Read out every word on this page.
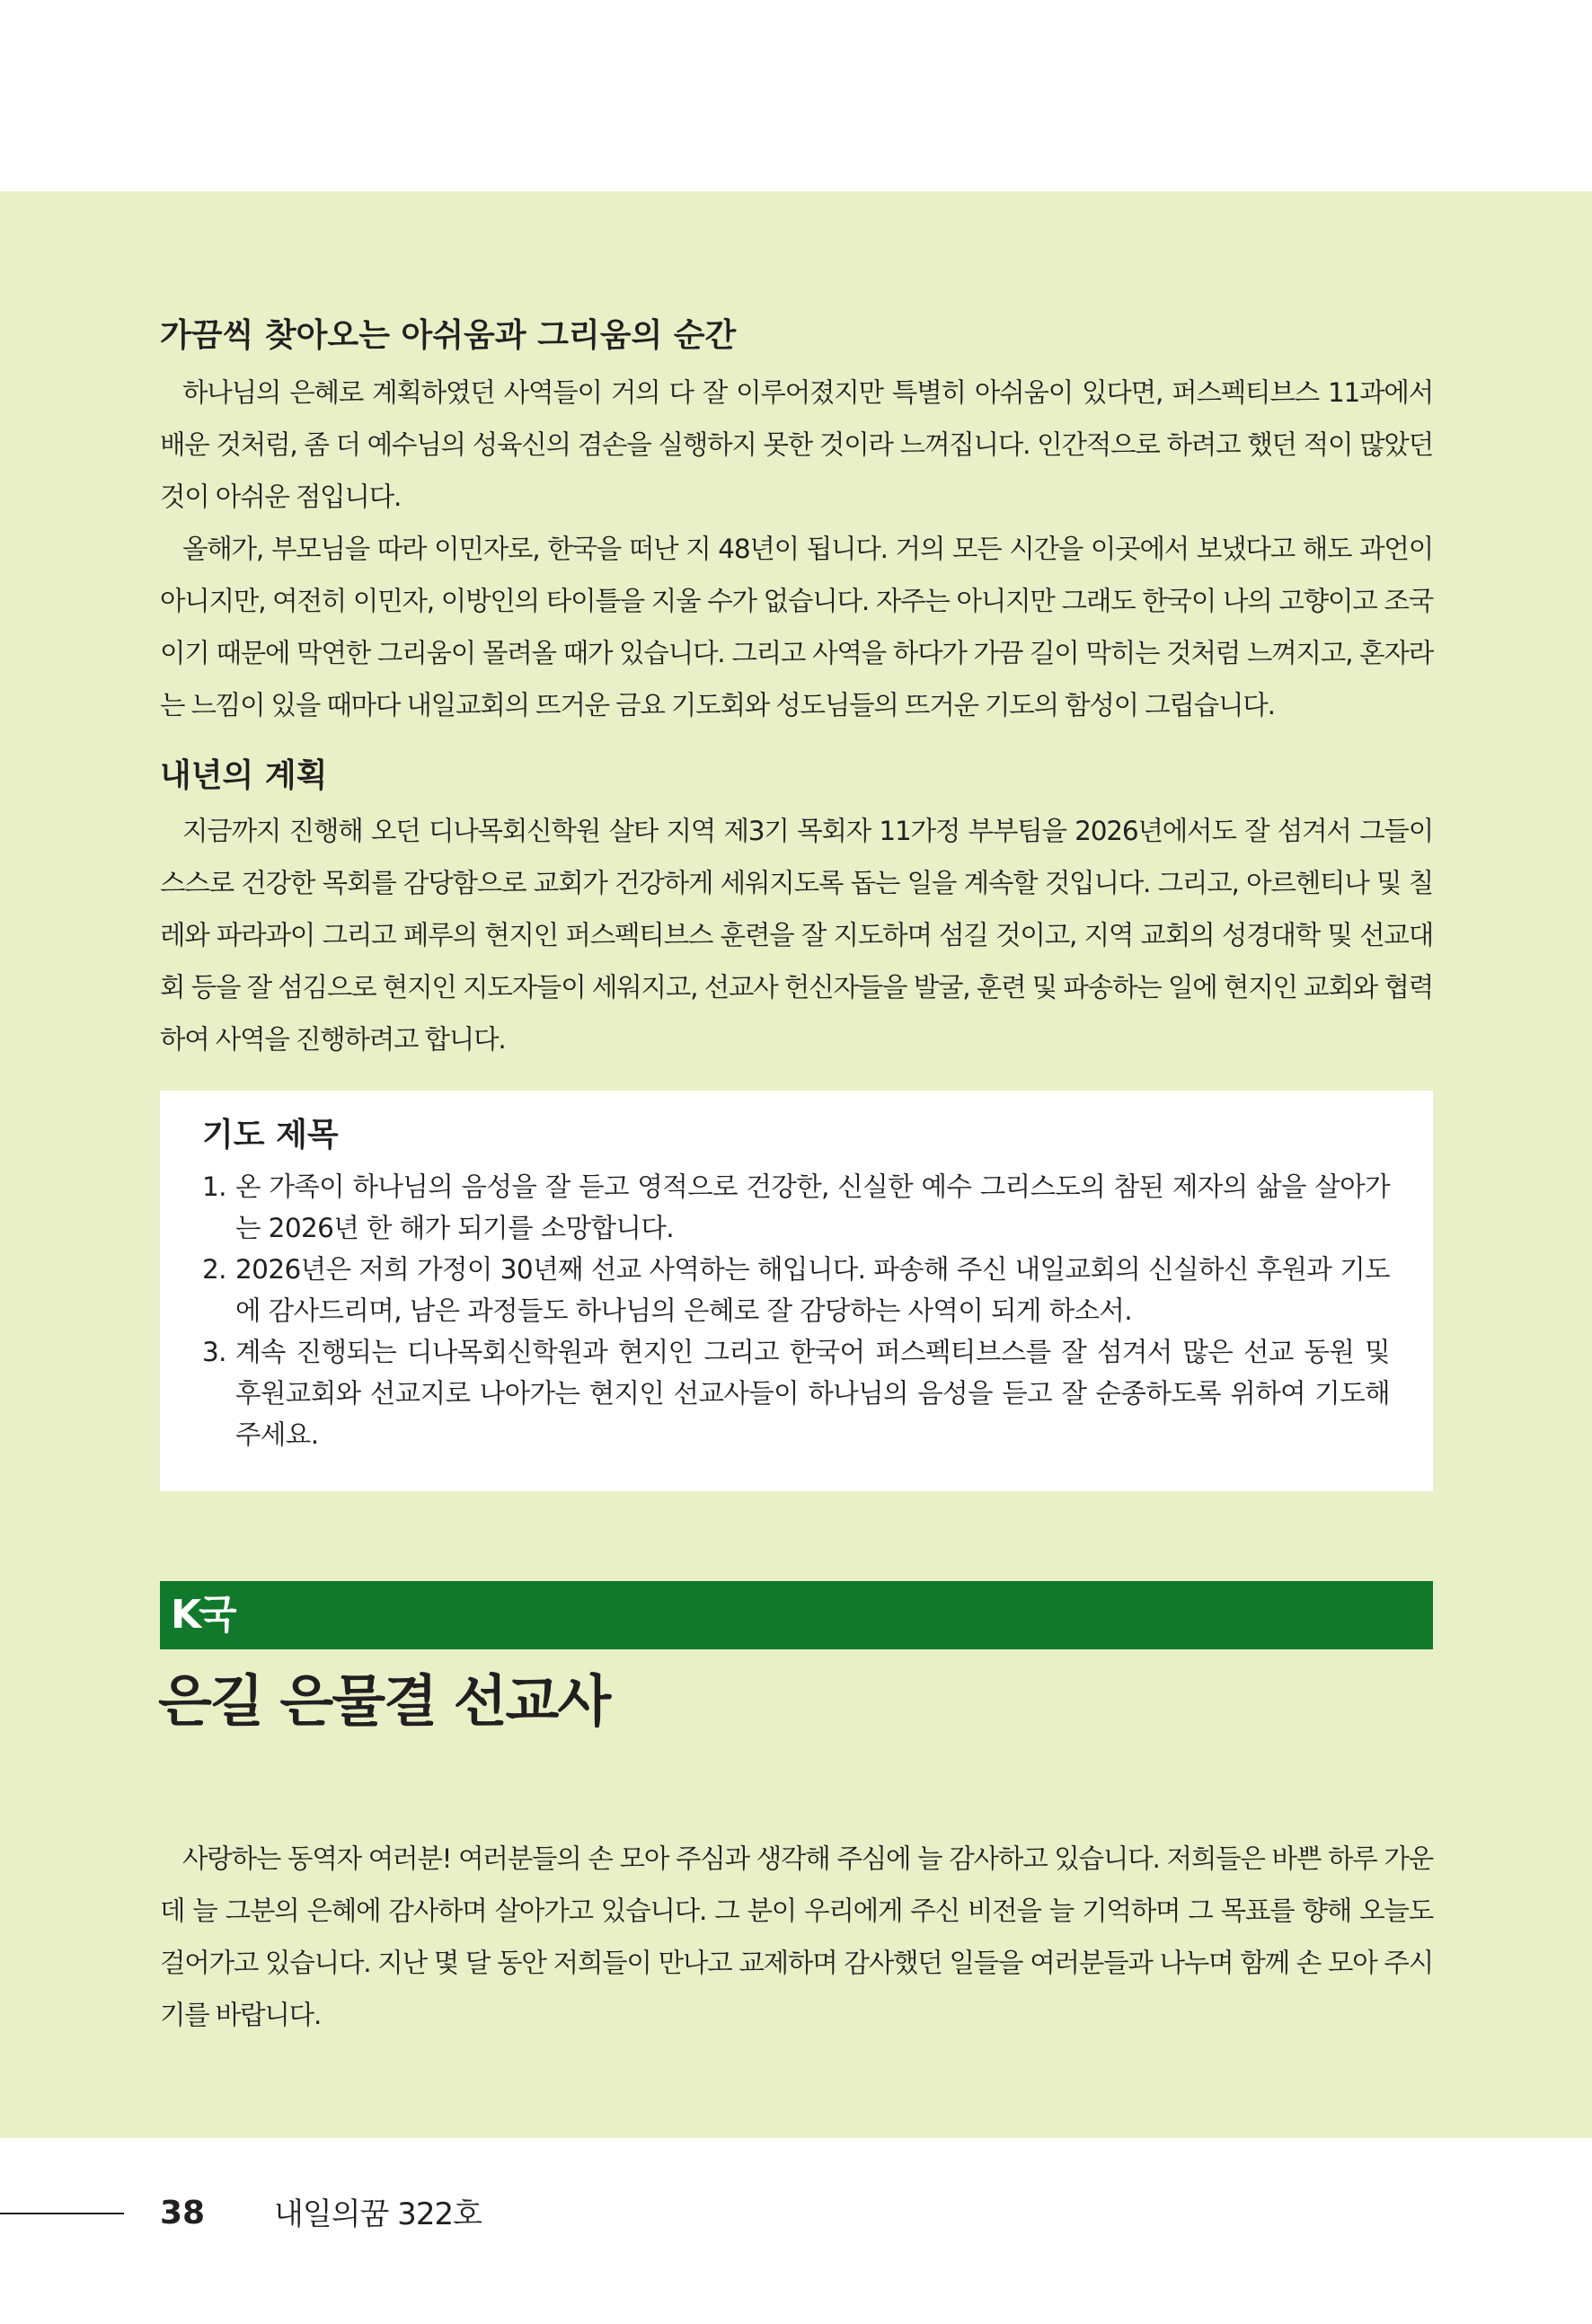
가끔씩 찾아오는 아쉬움과 그리움의 순간

하나님의 은혜로 계획하였던 사역들이 거의 다 잘 이루어졌지만 특별히 아쉬움이 있다면, 퍼스펙티브스 11과에서 배운 것처럼, 좀 더 예수님의 성육신의 겸손을 실행하지 못한 것이라 느껴집니다. 인간적으로 하려고 했던 적이 많았던 것이 아쉬운 점입니다.

올해가, 부모님을 따라 이민자로, 한국을 떠난 지 48년이 됩니다. 거의 모든 시간을 이곳에서 보냈다고 해도 과언이 아니지만, 여전히 이민자, 이방인의 타이틀을 지울 수가 없습니다. 자주는 아니지만 그래도 한국이 나의 고향이고 조국이기 때문에 막연한 그리움이 몰려올 때가 있습니다. 그리고 사역을 하다가 가끔 길이 막히는 것처럼 느껴지고, 혼자라는 느낌이 있을 때마다 내일교회의 뜨거운 금요 기도회와 성도님들의 뜨거운 기도의 함성이 그립습니다.

내년의 계획

지금까지 진행해 오던 디나목회신학원 살타 지역 제3기 목회자 11가정 부부팀을 2026년에서도 잘 섬겨서 그들이 스스로 건강한 목회를 감당함으로 교회가 건강하게 세워지도록 돕는 일을 계속할 것입니다. 그리고, 아르헨티나 및 칠레와 파라과이 그리고 페루의 현지인 퍼스펙티브스 훈련을 잘 지도하며 섬길 것이고, 지역 교회의 성경대학 및 선교대회 등을 잘 섬김으로 현지인 지도자들이 세워지고, 선교사 헌신자들을 발굴, 훈련 및 파송하는 일에 현지인 교회와 협력하여 사역을 진행하려고 합니다.

기도 제목
1. 온 가족이 하나님의 음성을 잘 듣고 영적으로 건강한, 신실한 예수 그리스도의 참된 제자의 삶을 살아가는 2026년 한 해가 되기를 소망합니다.
2. 2026년은 저희 가정이 30년째 선교 사역하는 해입니다. 파송해 주신 내일교회의 신실하신 후원과 기도에 감사드리며, 남은 과정들도 하나님의 은혜로 잘 감당하는 사역이 되게 하소서.
3. 계속 진행되는 디나목회신학원과 현지인 그리고 한국어 퍼스펙티브스를 잘 섬겨서 많은 선교 동원 및 후원교회와 선교지로 나아가는 현지인 선교사들이 하나님의 음성을 듣고 잘 순종하도록 위하여 기도해 주세요.
K국
은길 은물결 선교사

사랑하는 동역자 여러분! 여러분들의 손 모아 주심과 생각해 주심에 늘 감사하고 있습니다. 저희들은 바쁜 하루 가운데 늘 그분의 은혜에 감사하며 살아가고 있습니다. 그 분이 우리에게 주신 비전을 늘 기억하며 그 목표를 향해 오늘도 걸어가고 있습니다. 지난 몇 달 동안 저희들이 만나고 교제하며 감사했던 일들을 여러분들과 나누며 함께 손 모아 주시기를 바랍니다.

38 내일의꿈 322호
